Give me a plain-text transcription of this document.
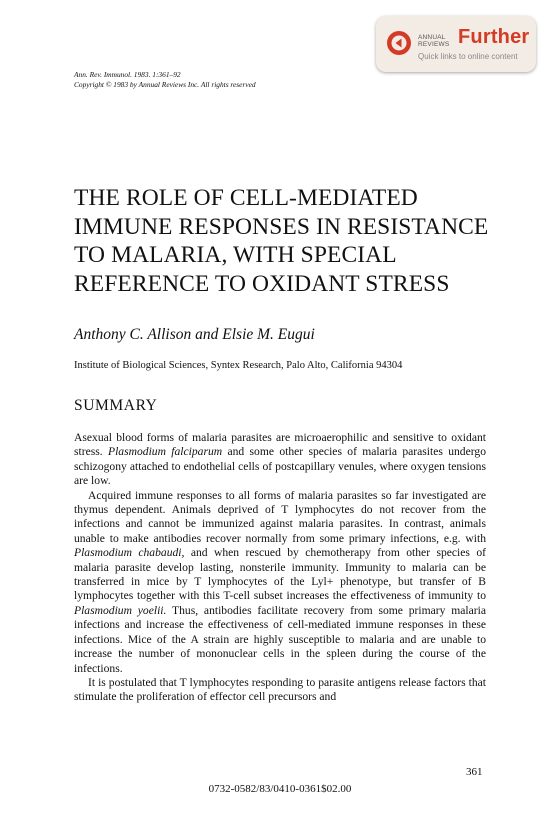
ANNUAL
REVIEWS Further
Quick links to online content
Ann. Rev. Immunol. 1983. 1:361–92
Copyright © 1983 by Annual Reviews Inc. All rights reserved
THE ROLE OF CELL-MEDIATED IMMUNE RESPONSES IN RESISTANCE TO MALARIA, WITH SPECIAL REFERENCE TO OXIDANT STRESS
Anthony C. Allison and Elsie M. Eugui
Institute of Biological Sciences, Syntex Research, Palo Alto, California 94304
SUMMARY

Asexual blood forms of malaria parasites are microaerophilic and sensitive to oxidant stress. Plasmodium falciparum and some other species of malaria parasites undergo schizogony attached to endothelial cells of postcapillary venules, where oxygen tensions are low.

Acquired immune responses to all forms of malaria parasites so far investigated are thymus dependent. Animals deprived of T lymphocytes do not recover from the infections and cannot be immunized against malaria parasites. In contrast, animals unable to make antibodies recover normally from some primary infections, e.g. with Plasmodium chabaudi, and when rescued by chemotherapy from other species of malaria parasite develop lasting, nonsterile immunity. Immunity to malaria can be transferred in mice by T lymphocytes of the Lyl+ phenotype, but transfer of B lymphocytes together with this T-cell subset increases the effectiveness of immunity to Plasmodium yoelii. Thus, antibodies facilitate recovery from some primary malaria infections and increase the effectiveness of cell-mediated immune responses in these infections. Mice of the A strain are highly susceptible to malaria and are unable to increase the number of mononuclear cells in the spleen during the course of the infections.

It is postulated that T lymphocytes responding to parasite antigens release factors that stimulate the proliferation of effector cell precursors and

361
0732-0582/83/0410-0361$02.00
